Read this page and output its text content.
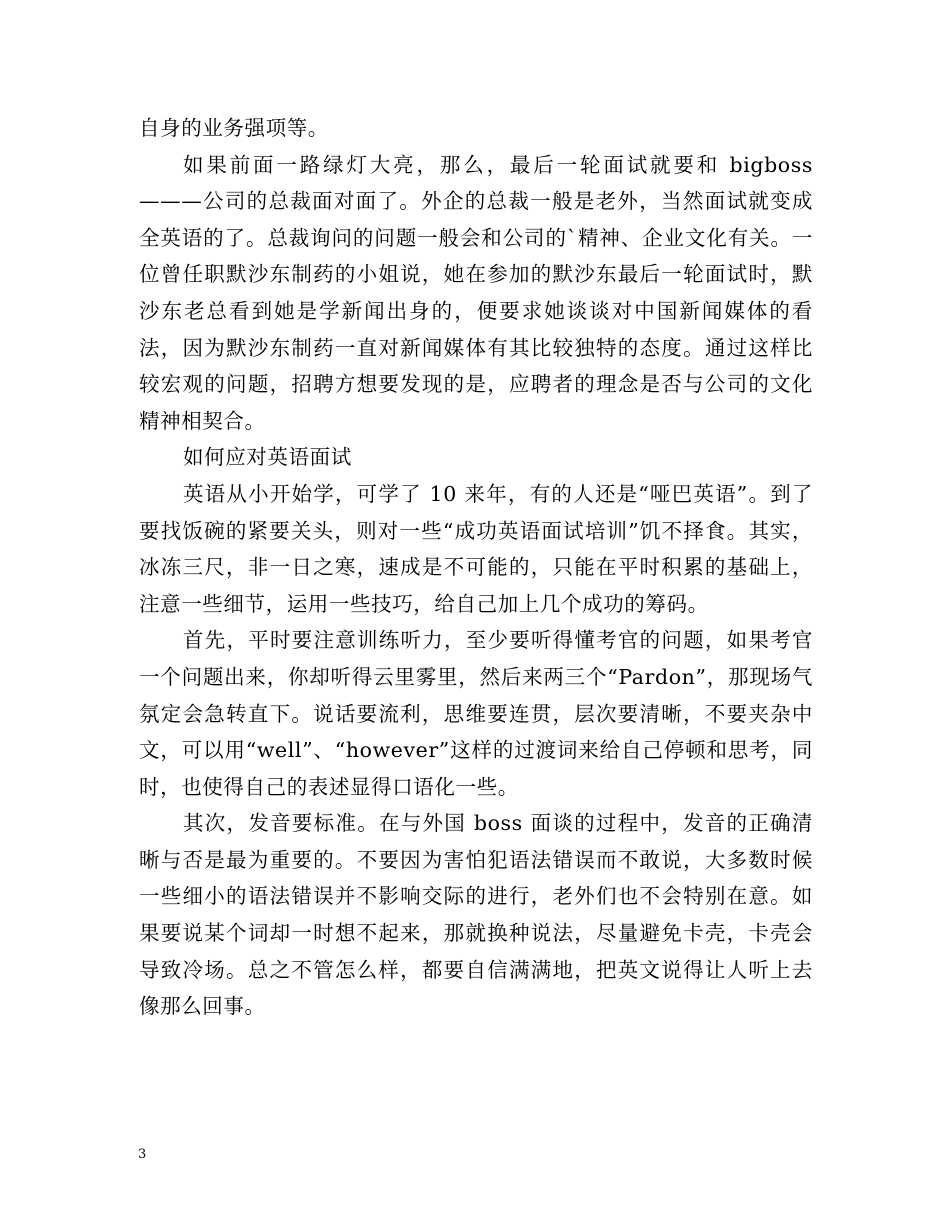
自身的业务强项等。

如果前面一路绿灯大亮，那么，最后一轮面试就要和 bigboss———公司的总裁面对面了。外企的总裁一般是老外，当然面试就变成全英语的了。总裁询问的问题一般会和公司的`精神、企业文化有关。一位曾任职默沙东制药的小姐说，她在参加的默沙东最后一轮面试时，默沙东老总看到她是学新闻出身的，便要求她谈谈对中国新闻媒体的看法，因为默沙东制药一直对新闻媒体有其比较独特的态度。通过这样比较宏观的问题，招聘方想要发现的是，应聘者的理念是否与公司的文化精神相契合。

如何应对英语面试

英语从小开始学，可学了 10 来年，有的人还是“哑巴英语”。到了要找饭碗的紧要关头，则对一些“成功英语面试培训”饥不择食。其实，冰冻三尺，非一日之寒，速成是不可能的，只能在平时积累的基础上，注意一些细节，运用一些技巧，给自己加上几个成功的筹码。

首先，平时要注意训练听力，至少要听得懂考官的问题，如果考官一个问题出来，你却听得云里雾里，然后来两三个“Pardon”，那现场气氛定会急转直下。说话要流利，思维要连贯，层次要清晰，不要夹杂中文，可以用“well”、“however”这样的过渡词来给自己停顿和思考，同时，也使得自己的表述显得口语化一些。

其次，发音要标准。在与外国 boss 面谈的过程中，发音的正确清晰与否是最为重要的。不要因为害怕犯语法错误而不敢说，大多数时候一些细小的语法错误并不影响交际的进行，老外们也不会特别在意。如果要说某个词却一时想不起来，那就换种说法，尽量避免卡壳，卡壳会导致冷场。总之不管怎么样，都要自信满满地，把英文说得让人听上去像那么回事。

3
